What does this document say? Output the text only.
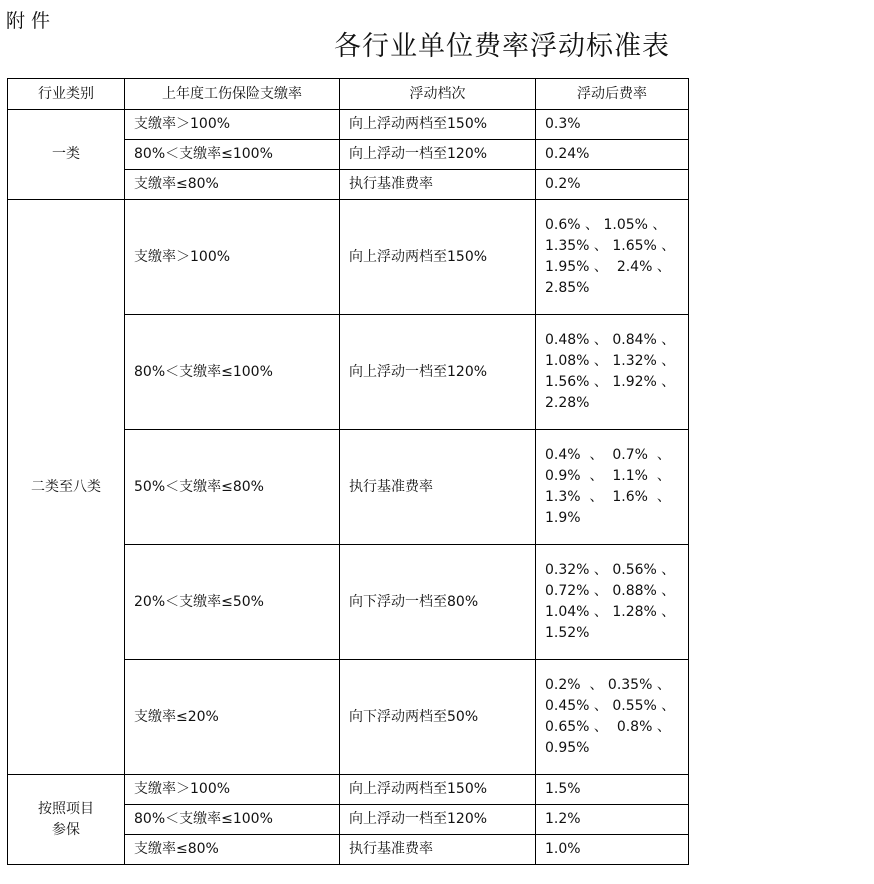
附 件
各行业单位费率浮动标准表
行业类别	上年度工伤保险支缴率	浮动档次	浮动后费率
一类	支缴率＞100%	向上浮动两档至150%	0.3%

	80%＜支缴率≤100%	向上浮动一档至120%	0.24%

	支缴率≤80%	执行基准费率	0.2%

二类至八类	支缴率＞100%	向上浮动两档至150%	0.6% 、 1.05% 、
1.35% 、 1.65% 、
1.95% 、  2.4% 、
2.85%

	80%＜支缴率≤100%	向上浮动一档至120%	0.48% 、 0.84% 、
1.08% 、 1.32% 、
1.56% 、 1.92% 、
2.28%

	50%＜支缴率≤80%	执行基准费率	0.4%  、  0.7%  、
0.9%  、  1.1%  、
1.3%  、  1.6%  、
1.9%

	20%＜支缴率≤50%	向下浮动一档至80%	0.32% 、 0.56% 、
0.72% 、 0.88% 、
1.04% 、 1.28% 、
1.52%

	支缴率≤20%	向下浮动两档至50%	0.2%  、 0.35% 、
0.45% 、 0.55% 、
0.65% 、  0.8% 、
0.95%

按照项目
参保	支缴率＞100%	向上浮动两档至150%	1.5%

	80%＜支缴率≤100%	向上浮动一档至120%	1.2%

	支缴率≤80%	执行基准费率	1.0%
